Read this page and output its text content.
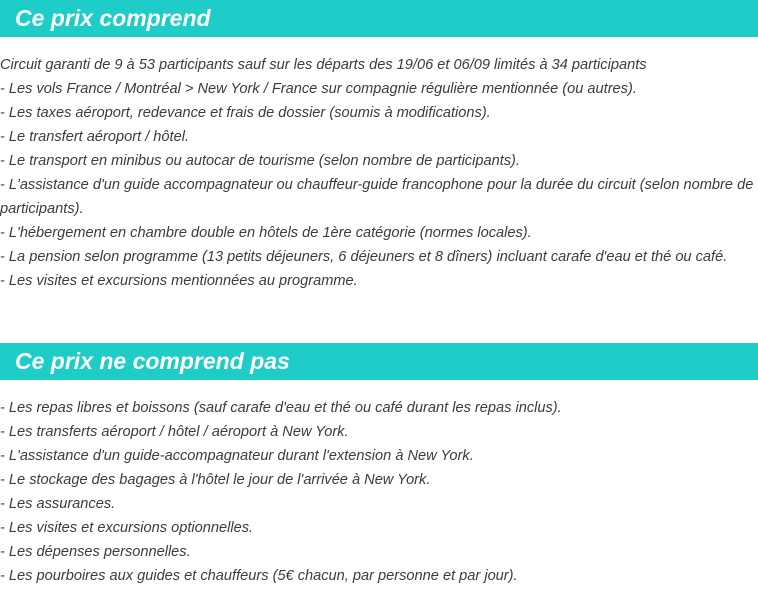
Ce prix comprend
Circuit garanti de 9 à 53 participants sauf sur les départs des 19/06 et 06/09 limités à 34 participants
- Les vols France / Montréal > New York / France sur compagnie régulière mentionnée (ou autres).
- Les taxes aéroport, redevance et frais de dossier (soumis à modifications).
- Le transfert aéroport / hôtel.
- Le transport en minibus ou autocar de tourisme (selon nombre de participants).
- L'assistance d'un guide accompagnateur ou chauffeur-guide francophone pour la durée du circuit (selon nombre de participants).
- L'hébergement en chambre double en hôtels de 1ère catégorie (normes locales).
- La pension selon programme (13 petits déjeuners, 6 déjeuners et 8 dîners) incluant carafe d'eau et thé ou café.
- Les visites et excursions mentionnées au programme.
Ce prix ne comprend pas
- Les repas libres et boissons (sauf carafe d'eau et thé ou café durant les repas inclus).
- Les transferts aéroport / hôtel / aéroport à New York.
- L'assistance d'un guide-accompagnateur durant l'extension à New York.
- Le stockage des bagages à l'hôtel le jour de l'arrivée à New York.
- Les assurances.
- Les visites et excursions optionnelles.
- Les dépenses personnelles.
- Les pourboires aux guides et chauffeurs (5€ chacun, par personne et par jour).
